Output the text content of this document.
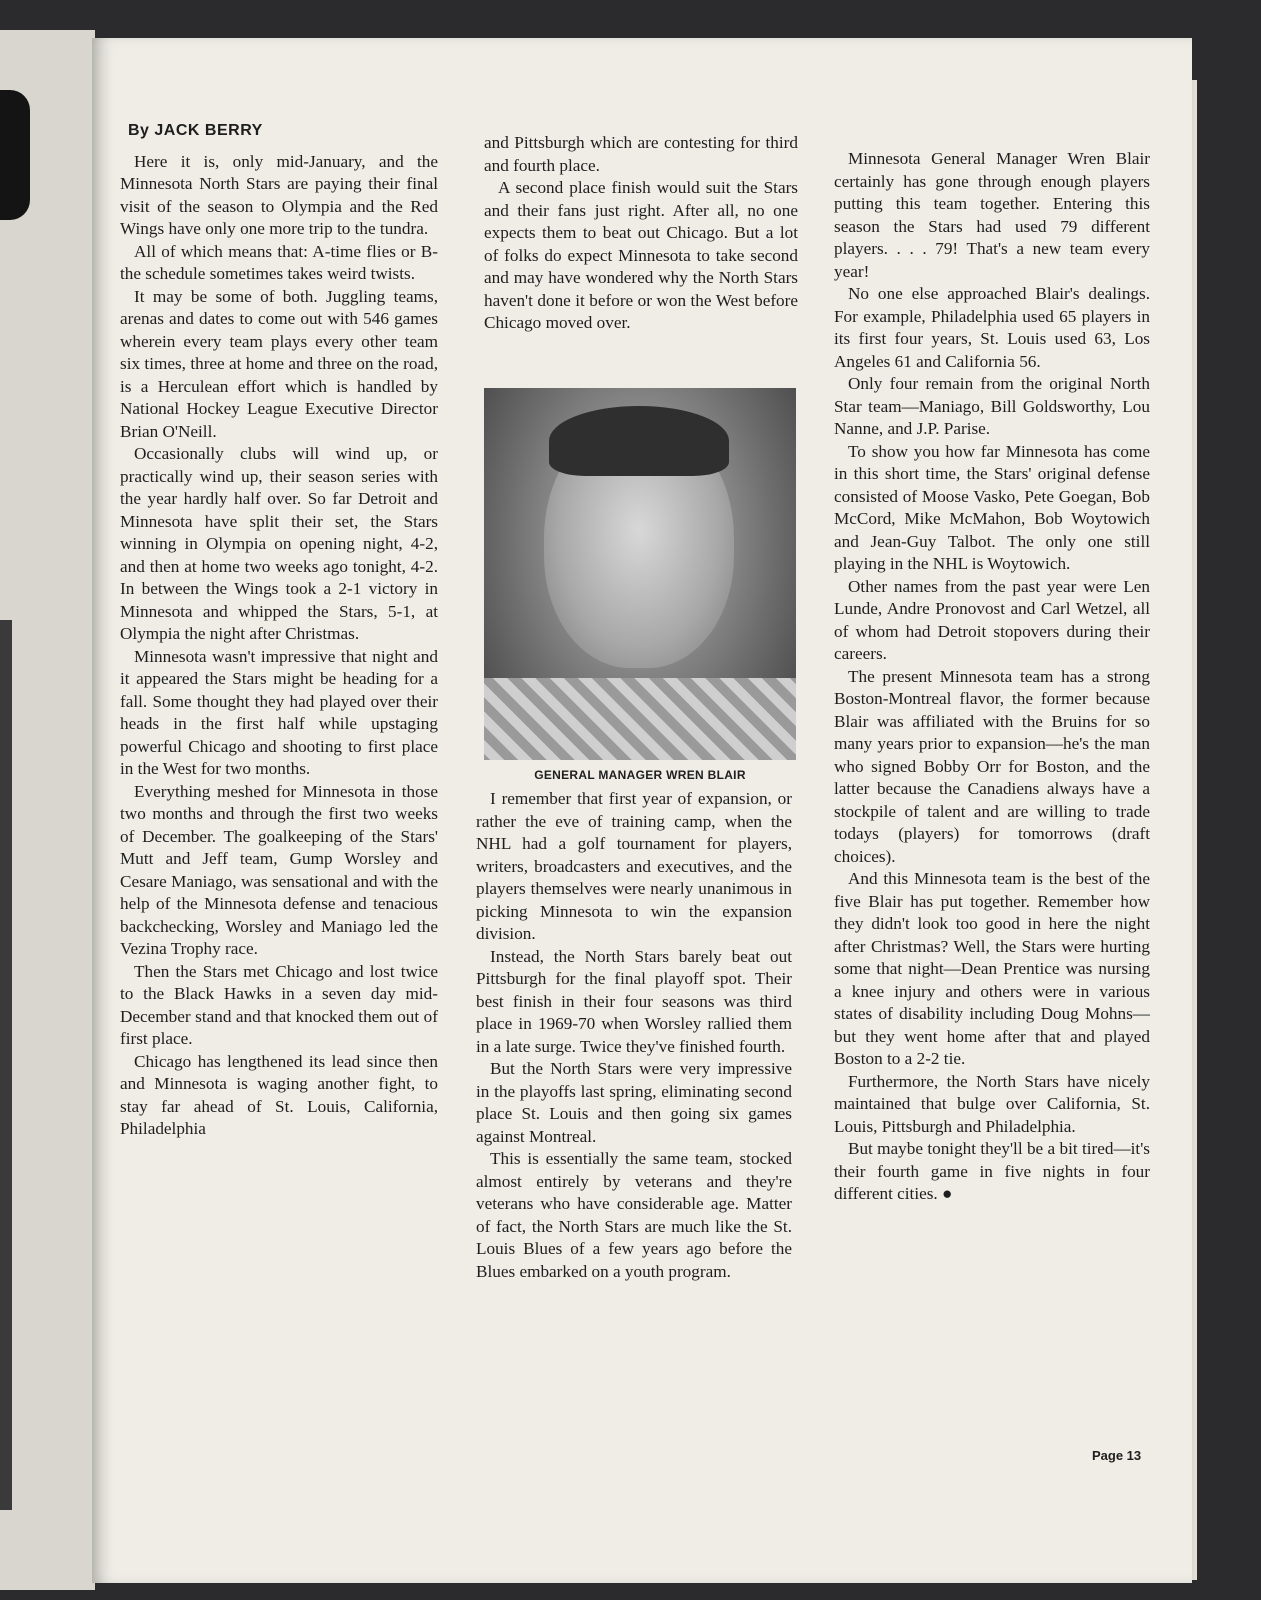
By JACK BERRY

Here it is, only mid-January, and the Minnesota North Stars are paying their final visit of the season to Olympia and the Red Wings have only one more trip to the tundra.

All of which means that: A-time flies or B-the schedule sometimes takes weird twists.

It may be some of both. Juggling teams, arenas and dates to come out with 546 games wherein every team plays every other team six times, three at home and three on the road, is a Herculean effort which is handled by National Hockey League Executive Director Brian O'Neill.

Occasionally clubs will wind up, or practically wind up, their season series with the year hardly half over. So far Detroit and Minnesota have split their set, the Stars winning in Olympia on opening night, 4-2, and then at home two weeks ago tonight, 4-2. In between the Wings took a 2-1 victory in Minnesota and whipped the Stars, 5-1, at Olympia the night after Christmas.

Minnesota wasn't impressive that night and it appeared the Stars might be heading for a fall. Some thought they had played over their heads in the first half while upstaging powerful Chicago and shooting to first place in the West for two months.

Everything meshed for Minnesota in those two months and through the first two weeks of December. The goalkeeping of the Stars' Mutt and Jeff team, Gump Worsley and Cesare Maniago, was sensational and with the help of the Minnesota defense and tenacious backchecking, Worsley and Maniago led the Vezina Trophy race.

Then the Stars met Chicago and lost twice to the Black Hawks in a seven day mid-December stand and that knocked them out of first place.

Chicago has lengthened its lead since then and Minnesota is waging another fight, to stay far ahead of St. Louis, California, Philadelphia

and Pittsburgh which are contesting for third and fourth place.

A second place finish would suit the Stars and their fans just right. After all, no one expects them to beat out Chicago. But a lot of folks do expect Minnesota to take second and may have wondered why the North Stars haven't done it before or won the West before Chicago moved over.

GENERAL MANAGER WREN BLAIR

I remember that first year of expansion, or rather the eve of training camp, when the NHL had a golf tournament for players, writers, broadcasters and executives, and the players themselves were nearly unanimous in picking Minnesota to win the expansion division.

Instead, the North Stars barely beat out Pittsburgh for the final playoff spot. Their best finish in their four seasons was third place in 1969-70 when Worsley rallied them in a late surge. Twice they've finished fourth.

But the North Stars were very impressive in the playoffs last spring, eliminating second place St. Louis and then going six games against Montreal.

This is essentially the same team, stocked almost entirely by veterans and they're veterans who have considerable age. Matter of fact, the North Stars are much like the St. Louis Blues of a few years ago before the Blues embarked on a youth program.

Minnesota General Manager Wren Blair certainly has gone through enough players putting this team together. Entering this season the Stars had used 79 different players. . . . 79! That's a new team every year!

No one else approached Blair's dealings. For example, Philadelphia used 65 players in its first four years, St. Louis used 63, Los Angeles 61 and California 56.

Only four remain from the original North Star team—Maniago, Bill Goldsworthy, Lou Nanne, and J.P. Parise.

To show you how far Minnesota has come in this short time, the Stars' original defense consisted of Moose Vasko, Pete Goegan, Bob McCord, Mike McMahon, Bob Woytowich and Jean-Guy Talbot. The only one still playing in the NHL is Woytowich.

Other names from the past year were Len Lunde, Andre Pronovost and Carl Wetzel, all of whom had Detroit stopovers during their careers.

The present Minnesota team has a strong Boston-Montreal flavor, the former because Blair was affiliated with the Bruins for so many years prior to expansion—he's the man who signed Bobby Orr for Boston, and the latter because the Canadiens always have a stockpile of talent and are willing to trade todays (players) for tomorrows (draft choices).

And this Minnesota team is the best of the five Blair has put together. Remember how they didn't look too good in here the night after Christmas? Well, the Stars were hurting some that night—Dean Prentice was nursing a knee injury and others were in various states of disability including Doug Mohns—but they went home after that and played Boston to a 2-2 tie.

Furthermore, the North Stars have nicely maintained that bulge over California, St. Louis, Pittsburgh and Philadelphia.

But maybe tonight they'll be a bit tired—it's their fourth game in five nights in four different cities. ●

Page 13
